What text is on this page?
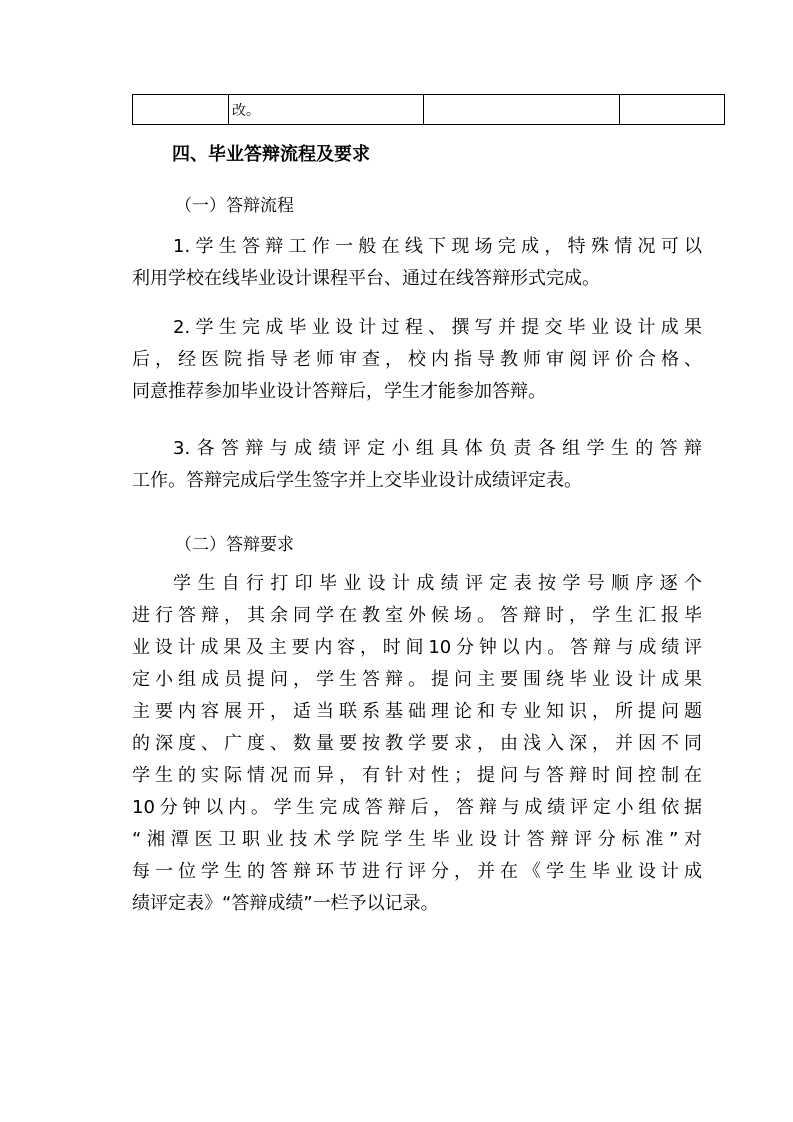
	改。		
四、毕业答辩流程及要求
（一）答辩流程

1.学生答辩工作一般在线下现场完成，特殊情况可以
利用学校在线毕业设计课程平台、通过在线答辩形式完成。

2.学生完成毕业设计过程、撰写并提交毕业设计成果
后，经医院指导老师审查，校内指导教师审阅评价合格、
同意推荐参加毕业设计答辩后，学生才能参加答辩。

3.各答辩与成绩评定小组具体负责各组学生的答辩
工作。答辩完成后学生签字并上交毕业设计成绩评定表。

（二）答辩要求

学生自行打印毕业设计成绩评定表按学号顺序逐个
进行答辩，其余同学在教室外候场。答辩时，学生汇报毕
业设计成果及主要内容，时间10分钟以内。答辩与成绩评
定小组成员提问，学生答辩。提问主要围绕毕业设计成果
主要内容展开，适当联系基础理论和专业知识，所提问题
的深度、广度、数量要按教学要求，由浅入深，并因不同
学生的实际情况而异，有针对性；提问与答辩时间控制在
10分钟以内。学生完成答辩后，答辩与成绩评定小组依据
“湘潭医卫职业技术学院学生毕业设计答辩评分标准”对
每一位学生的答辩环节进行评分，并在《学生毕业设计成
绩评定表》“答辩成绩”一栏予以记录。
